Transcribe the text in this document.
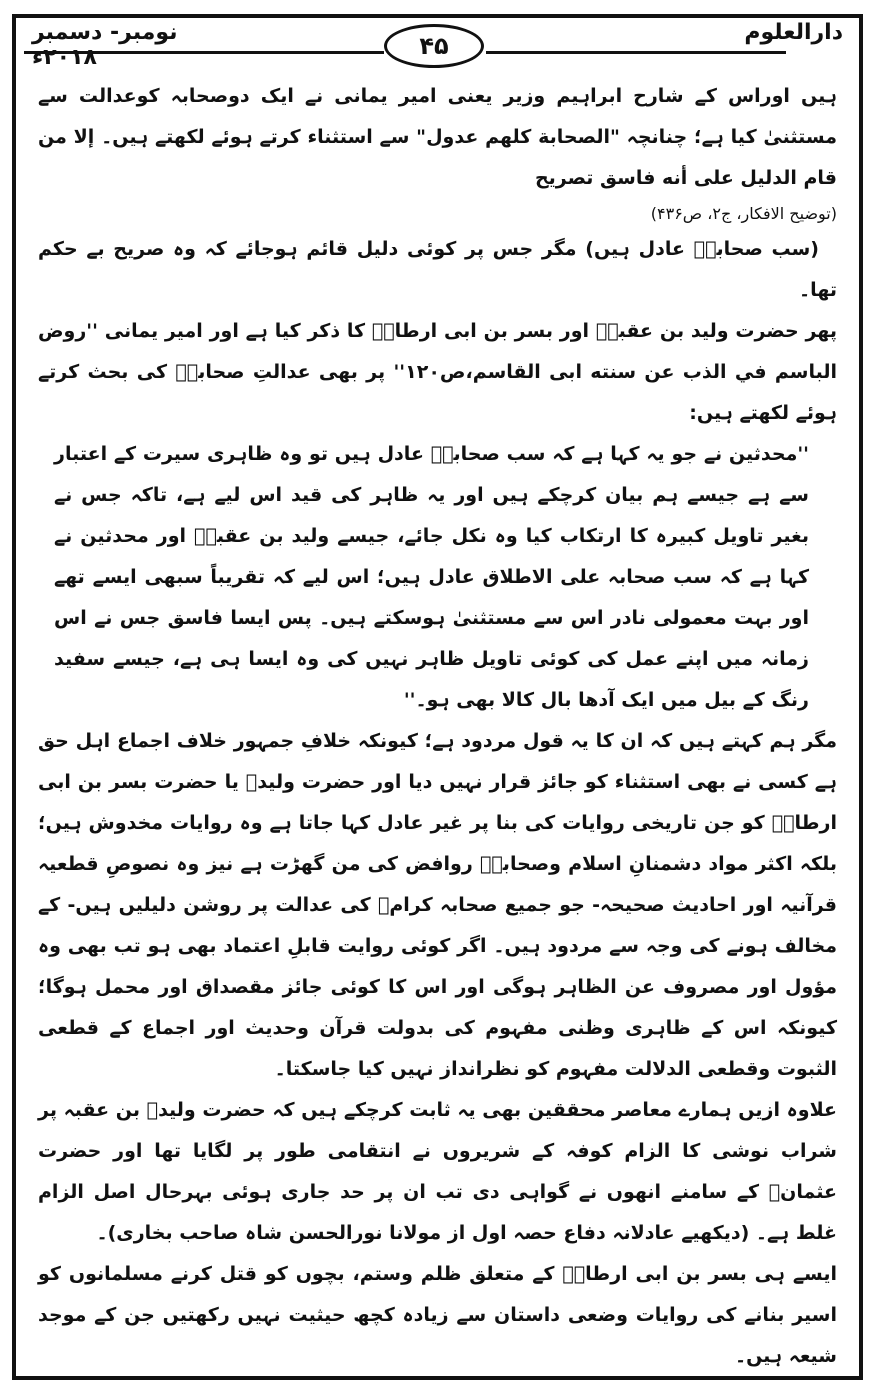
نومبر- دسمبر ۲۰۱۸ء	۴۵	دارالعلوم

ہیں اوراس کے شارح ابراہیم وزیر یعنی امیر یمانی نے ایک دوصحابہ کوعدالت سے مستثنیٰ کیا ہے؛ چنانچہ "الصحابة كلهم عدول" سے استثناء کرتے ہوئے لکھتے ہیں۔ إلا من قام الدليل على أنه فاسق تصريح

(توضیح الافکار، ج۲، ص۴۳۶)

(سب صحابہؓ عادل ہیں) مگر جس پر کوئی دلیل قائم ہوجائے کہ وہ صریح بے حکم تھا۔

پھر حضرت ولید بن عقبہؓ اور بسر بن ابی ارطاۃؓ کا ذکر کیا ہے اور امیر یمانی ''روض الباسم في الذب عن سنته ابی القاسم،ص۱۲۰'' پر بھی عدالتِ صحابہؓ کی بحث کرتے ہوئے لکھتے ہیں:

''محدثین نے جو یہ کہا ہے کہ سب صحابہؓ عادل ہیں تو وہ ظاہری سیرت کے اعتبار سے ہے جیسے ہم بیان کرچکے ہیں اور یہ ظاہر کی قید اس لیے ہے، تاکہ جس نے بغیر تاویل کبیرہ کا ارتکاب کیا وہ نکل جائے، جیسے ولید بن عقبہؓ اور محدثین نے کہا ہے کہ سب صحابہ علی الاطلاق عادل ہیں؛ اس لیے کہ تقریباً سبھی ایسے تھے اور بہت معمولی نادر اس سے مستثنیٰ ہوسکتے ہیں۔ پس ایسا فاسق جس نے اس زمانہ میں اپنے عمل کی کوئی تاویل ظاہر نہیں کی وہ ایسا ہی ہے، جیسے سفید رنگ کے بیل میں ایک آدھا بال کالا بھی ہو۔''

مگر ہم کہتے ہیں کہ ان کا یہ قول مردود ہے؛ کیونکہ خلافِ جمہور خلاف اجماع اہل حق ہے کسی نے بھی استثناء کو جائز قرار نہیں دیا اور حضرت ولیدؓ یا حضرت بسر بن ابی ارطاۃؓ کو جن تاریخی روایات کی بنا پر غیر عادل کہا جاتا ہے وہ روایات مخدوش ہیں؛ بلکہ اکثر مواد دشمنانِ اسلام وصحابہؓ روافض کی من گھڑت ہے نیز وہ نصوصِ قطعیہ قرآنیہ اور احادیث صحیحہ- جو جمیع صحابہ کرامؓ کی عدالت پر روشن دلیلیں ہیں- کے مخالف ہونے کی وجہ سے مردود ہیں۔ اگر کوئی روایت قابلِ اعتماد بھی ہو تب بھی وہ مؤول اور مصروف عن الظاہر ہوگی اور اس کا کوئی جائز مقصداق اور محمل ہوگا؛ کیونکہ اس کے ظاہری وظنی مفہوم کی بدولت قرآن وحدیث اور اجماع کے قطعی الثبوت وقطعی الدلالت مفہوم کو نظرانداز نہیں کیا جاسکتا۔

علاوہ ازیں ہمارے معاصر محققین بھی یہ ثابت کرچکے ہیں کہ حضرت ولیدؓ بن عقبہ پر شراب نوشی کا الزام کوفہ کے شریروں نے انتقامی طور پر لگایا تھا اور حضرت عثمانؓ کے سامنے انھوں نے گواہی دی تب ان پر حد جاری ہوئی بہرحال اصل الزام غلط ہے۔ (دیکھیے عادلانہ دفاع حصہ اول از مولانا نورالحسن شاہ صاحب بخاری)۔

ایسے ہی بسر بن ابی ارطاۃؓ کے متعلق ظلم وستم، بچوں کو قتل کرنے مسلمانوں کو اسیر بنانے کی روایات وضعی داستان سے زیادہ کچھ حیثیت نہیں رکھتیں جن کے موجد شیعہ ہیں۔
